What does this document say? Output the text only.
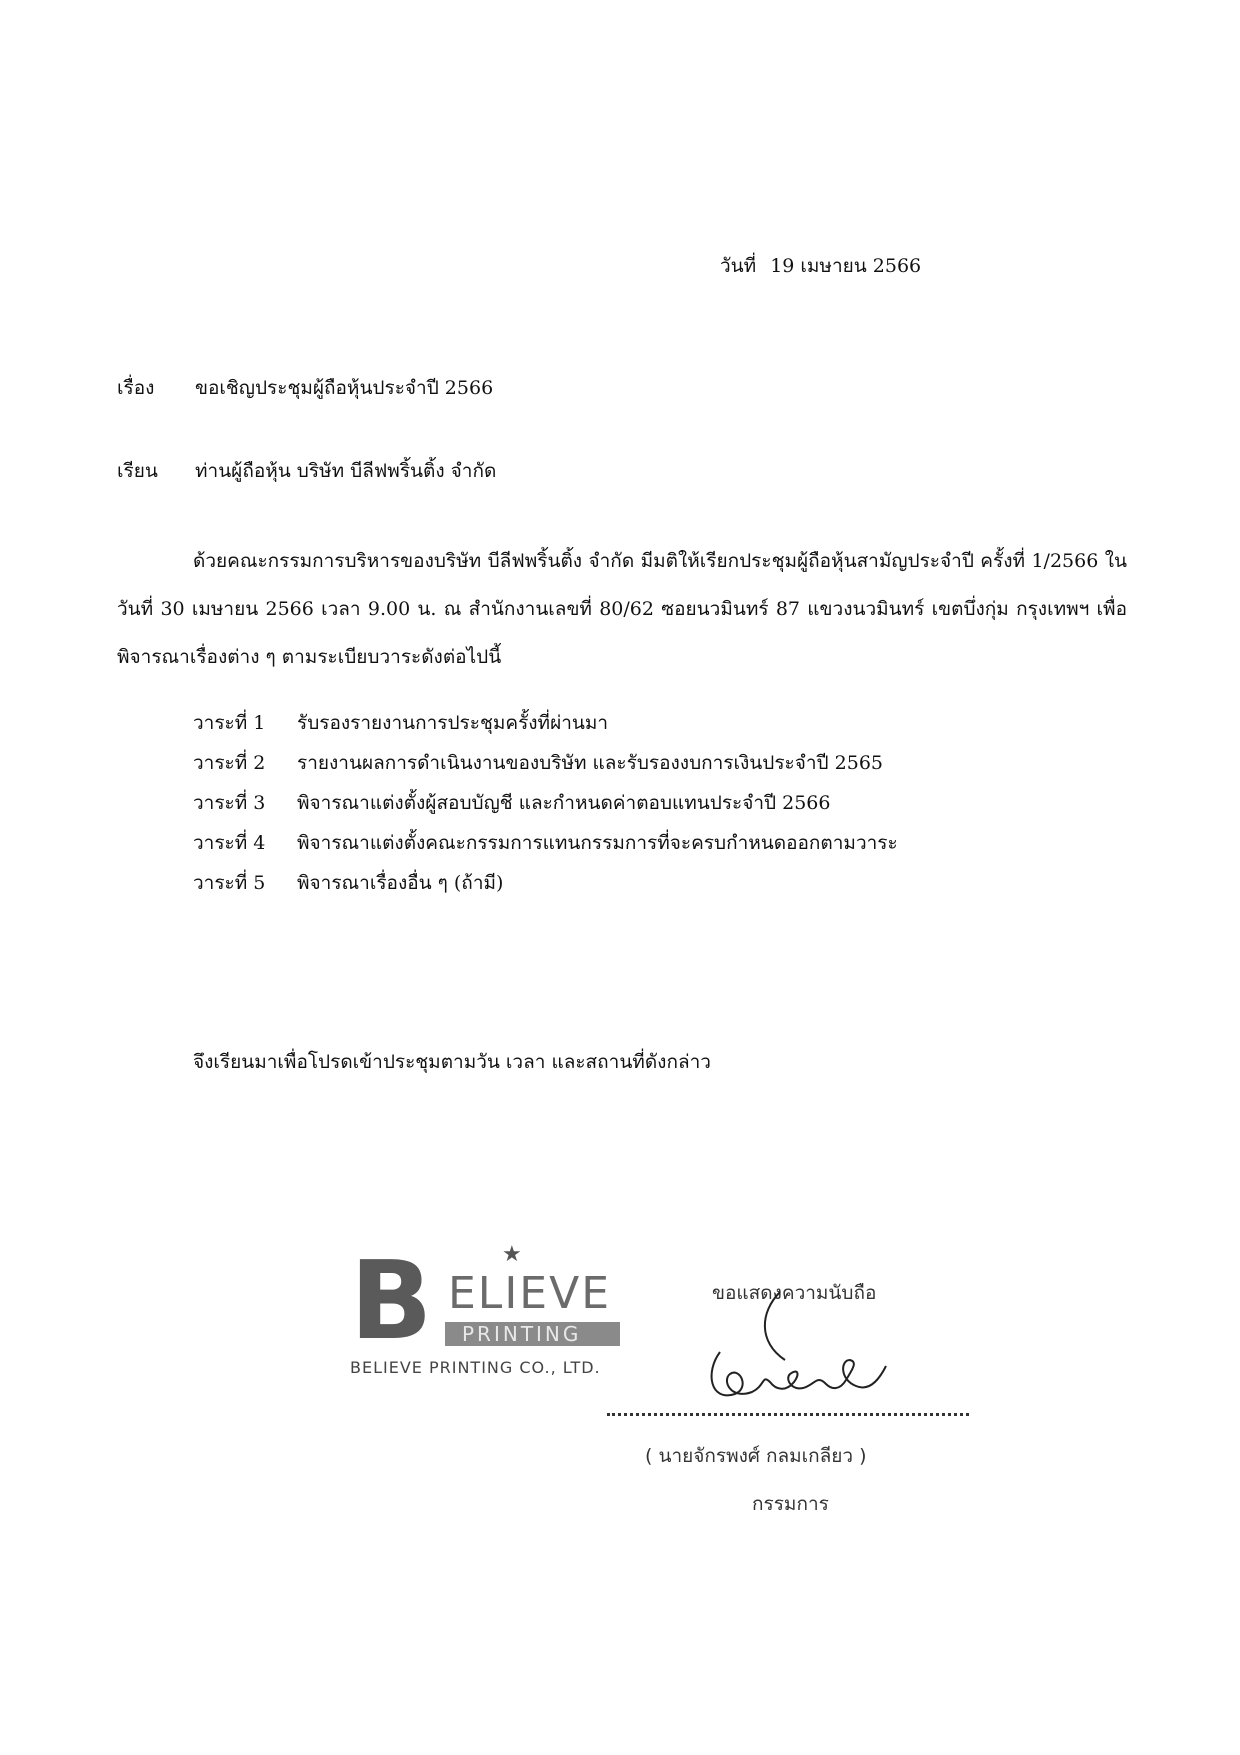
วันที่ 19 เมษายน 2566
เรื่อง ขอเชิญประชุมผู้ถือหุ้นประจำปี 2566
เรียน ท่านผู้ถือหุ้น บริษัท บีลีฟพริ้นติ้ง จำกัด
ด้วยคณะกรรมการบริหารของบริษัท บีลีฟพริ้นติ้ง จำกัด มีมติให้เรียกประชุมผู้ถือหุ้นสามัญประจำปี ครั้งที่ 1/2566 ในวันที่ 30 เมษายน 2566 เวลา 9.00 น. ณ สำนักงานเลขที่ 80/62 ซอยนวมินทร์ 87 แขวงนวมินทร์ เขตบึ่งกุ่ม กรุงเทพฯ เพื่อพิจารณาเรื่องต่าง ๆ ตามระเบียบวาระดังต่อไปนี้
วาระที่ 1 รับรองรายงานการประชุมครั้งที่ผ่านมา
วาระที่ 2 รายงานผลการดำเนินงานของบริษัท และรับรองงบการเงินประจำปี 2565
วาระที่ 3 พิจารณาแต่งตั้งผู้สอบบัญชี และกำหนดค่าตอบแทนประจำปี 2566
วาระที่ 4 พิจารณาแต่งตั้งคณะกรรมการแทนกรรมการที่จะครบกำหนดออกตามวาระ
วาระที่ 5 พิจารณาเรื่องอื่น ๆ (ถ้ามี)
จึงเรียนมาเพื่อโปรดเข้าประชุมตามวัน เวลา และสถานที่ดังกล่าว
B	★
ELIEVE
PRINTING
BELIEVE PRINTING CO., LTD.
ขอแสดงความนับถือ
( นายจักรพงศ์ กลมเกลียว )
กรรมการ
